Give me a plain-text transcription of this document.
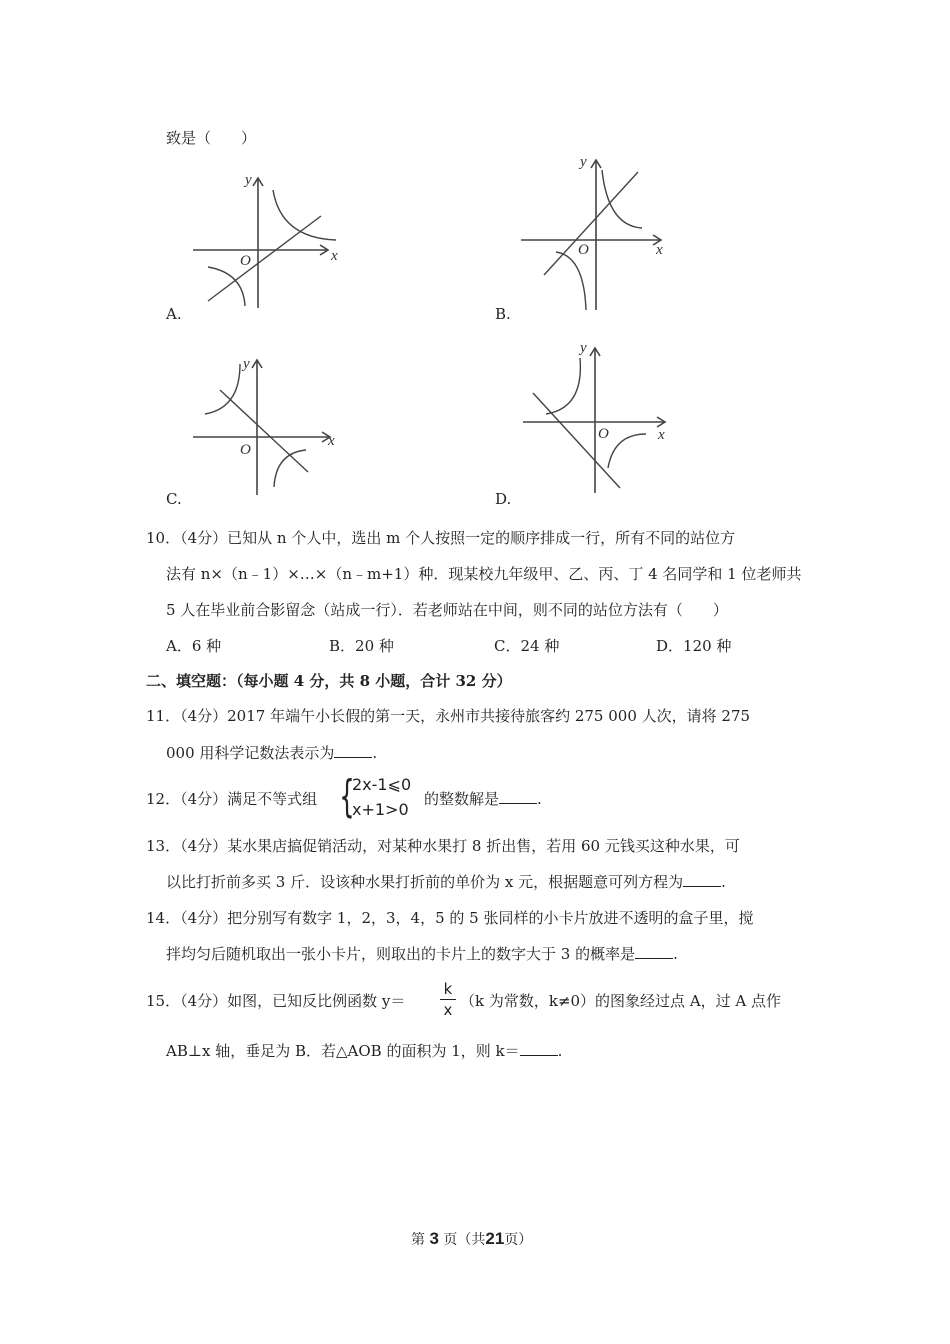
致是（　　）
y
x
O
A.
y
x
O
B.
y
x
O
C.
y
x
O
D.
10．（4分）已知从 n 个人中，选出 m 个人按照一定的顺序排成一行，所有不同的站位方
法有 n×（n﹣1）×…×（n﹣m+1）种．现某校九年级甲、乙、丙、丁 4 名同学和 1 位老师共
5 人在毕业前合影留念（站成一行）．若老师站在中间，则不同的站位方法有（　　）
A．6 种	B．20 种	C．24 种	D．120 种
二、填空题：（每小题 4 分，共 8 小题，合计 32 分）
11．（4分）2017 年端午小长假的第一天，永州市共接待旅客约 275 000 人次，请将 275
000 用科学记数法表示为	.
12．（4分）满足不等式组 {
2x-1⩽0
x+1>0
的整数解是	.
13．（4分）某水果店搞促销活动，对某种水果打 8 折出售，若用 60 元钱买这种水果，可
以比打折前多买 3 斤．设该种水果打折前的单价为 x 元，根据题意可列方程为	.
14．（4分）把分别写有数字 1，2，3，4，5 的 5 张同样的小卡片放进不透明的盒子里，搅
拌均匀后随机取出一张小卡片，则取出的卡片上的数字大于 3 的概率是	.
15．（4分）如图，已知反比例函数 y＝
k
x （k 为常数，k≠0）的图象经过点 A，过 A 点作
AB⊥x 轴，垂足为 B．若△AOB 的面积为 1，则 k＝	.
第 3 页（共21页）
